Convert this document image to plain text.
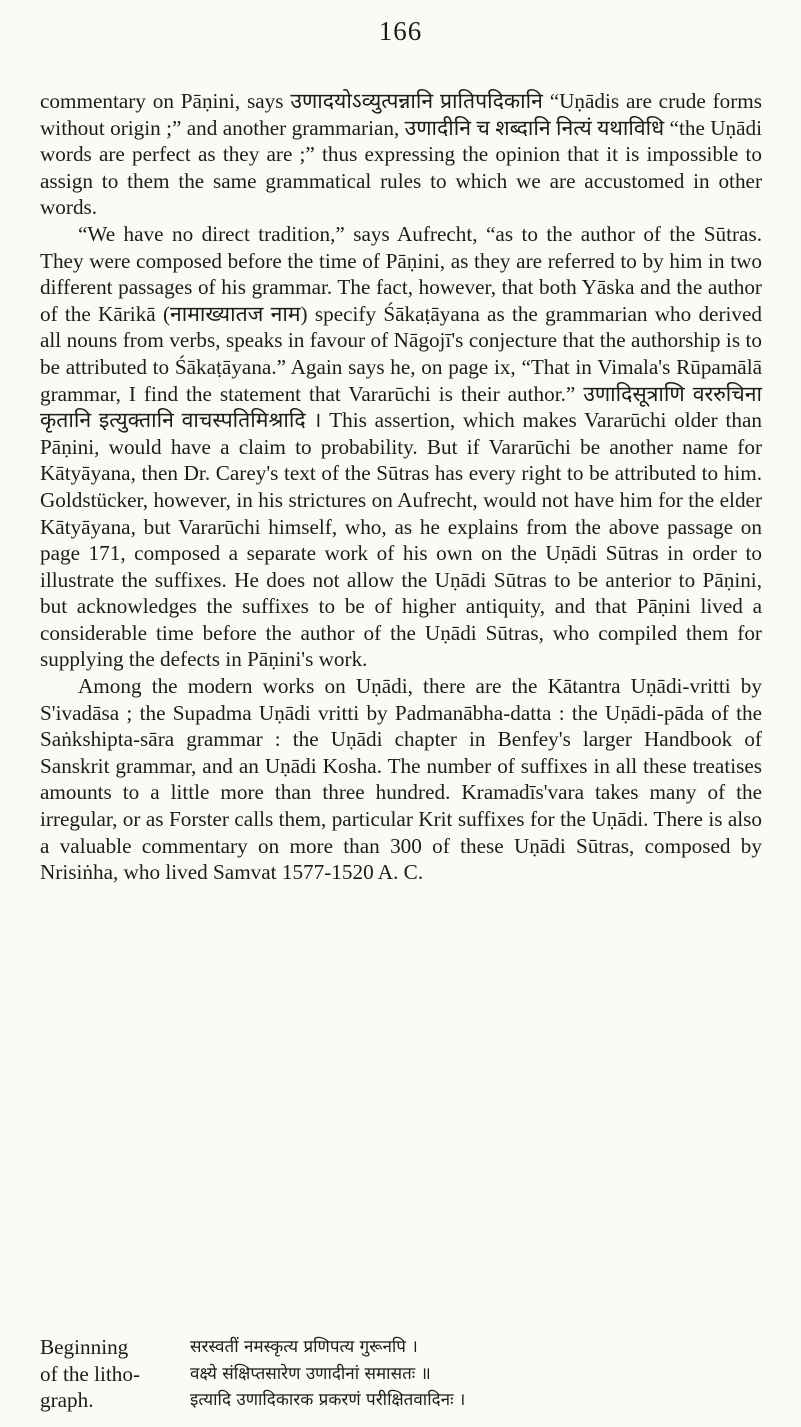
166

commentary on Pāṇini, says उणादयोऽव्युत्पन्नानि प्रातिपदिकानि “Uṇādis are crude forms without origin ;” and another grammarian, उणादीनि च शब्दानि नित्यं यथाविधि “the Uṇādi words are perfect as they are ;” thus expressing the opinion that it is impossible to assign to them the same grammatical rules to which we are accustomed in other words.

“We have no direct tradition,” says Aufrecht, “as to the author of the Sūtras. They were composed before the time of Pāṇini, as they are referred to by him in two different passages of his grammar. The fact, however, that both Yāska and the author of the Kārikā (नामाख्यातज नाम) specify Śākaṭāyana as the grammarian who derived all nouns from verbs, speaks in favour of Nāgojī's conjecture that the authorship is to be attributed to Śākaṭāyana.” Again says he, on page ix, “That in Vimala's Rūpamālā grammar, I find the statement that Vararūchi is their author.” उणादिसूत्राणि वररुचिना कृतानि इत्युक्तानि वाचस्पतिमिश्रादि । This assertion, which makes Vararūchi older than Pāṇini, would have a claim to probability. But if Vararūchi be another name for Kātyāyana, then Dr. Carey's text of the Sūtras has every right to be attributed to him. Goldstücker, however, in his strictures on Aufrecht, would not have him for the elder Kātyāyana, but Vararūchi himself, who, as he explains from the above passage on page 171, composed a separate work of his own on the Uṇādi Sūtras in order to illustrate the suffixes. He does not allow the Uṇādi Sūtras to be anterior to Pāṇini, but acknowledges the suffixes to be of higher antiquity, and that Pāṇini lived a considerable time before the author of the Uṇādi Sūtras, who compiled them for supplying the defects in Pāṇini's work.

Among the modern works on Uṇādi, there are the Kātantra Uṇādi-vritti by S'ivadāsa ; the Supadma Uṇādi vritti by Padmanābha-datta : the Uṇādi-pāda of the Saṅkshipta-sāra grammar : the Uṇādi chapter in Benfey's larger Handbook of Sanskrit grammar, and an Uṇādi Kosha. The number of suffixes in all these treatises amounts to a little more than three hundred. Kramadīs'vara takes many of the irregular, or as Forster calls them, particular Krit suffixes for the Uṇādi. There is also a valuable commentary on more than 300 of these Uṇādi Sūtras, composed by Nrisiṅha, who lived Samvat 1577-1520 A. C.

Beginning	सरस्वतीं नमस्कृत्य प्रणिपत्य गुरूनपि ।
of the litho-	वक्ष्ये संक्षिप्तसारेण उणादीनां समासतः ॥
graph.	इत्यादि उणादिकारक प्रकरणं परीक्षितवादिनः ।
